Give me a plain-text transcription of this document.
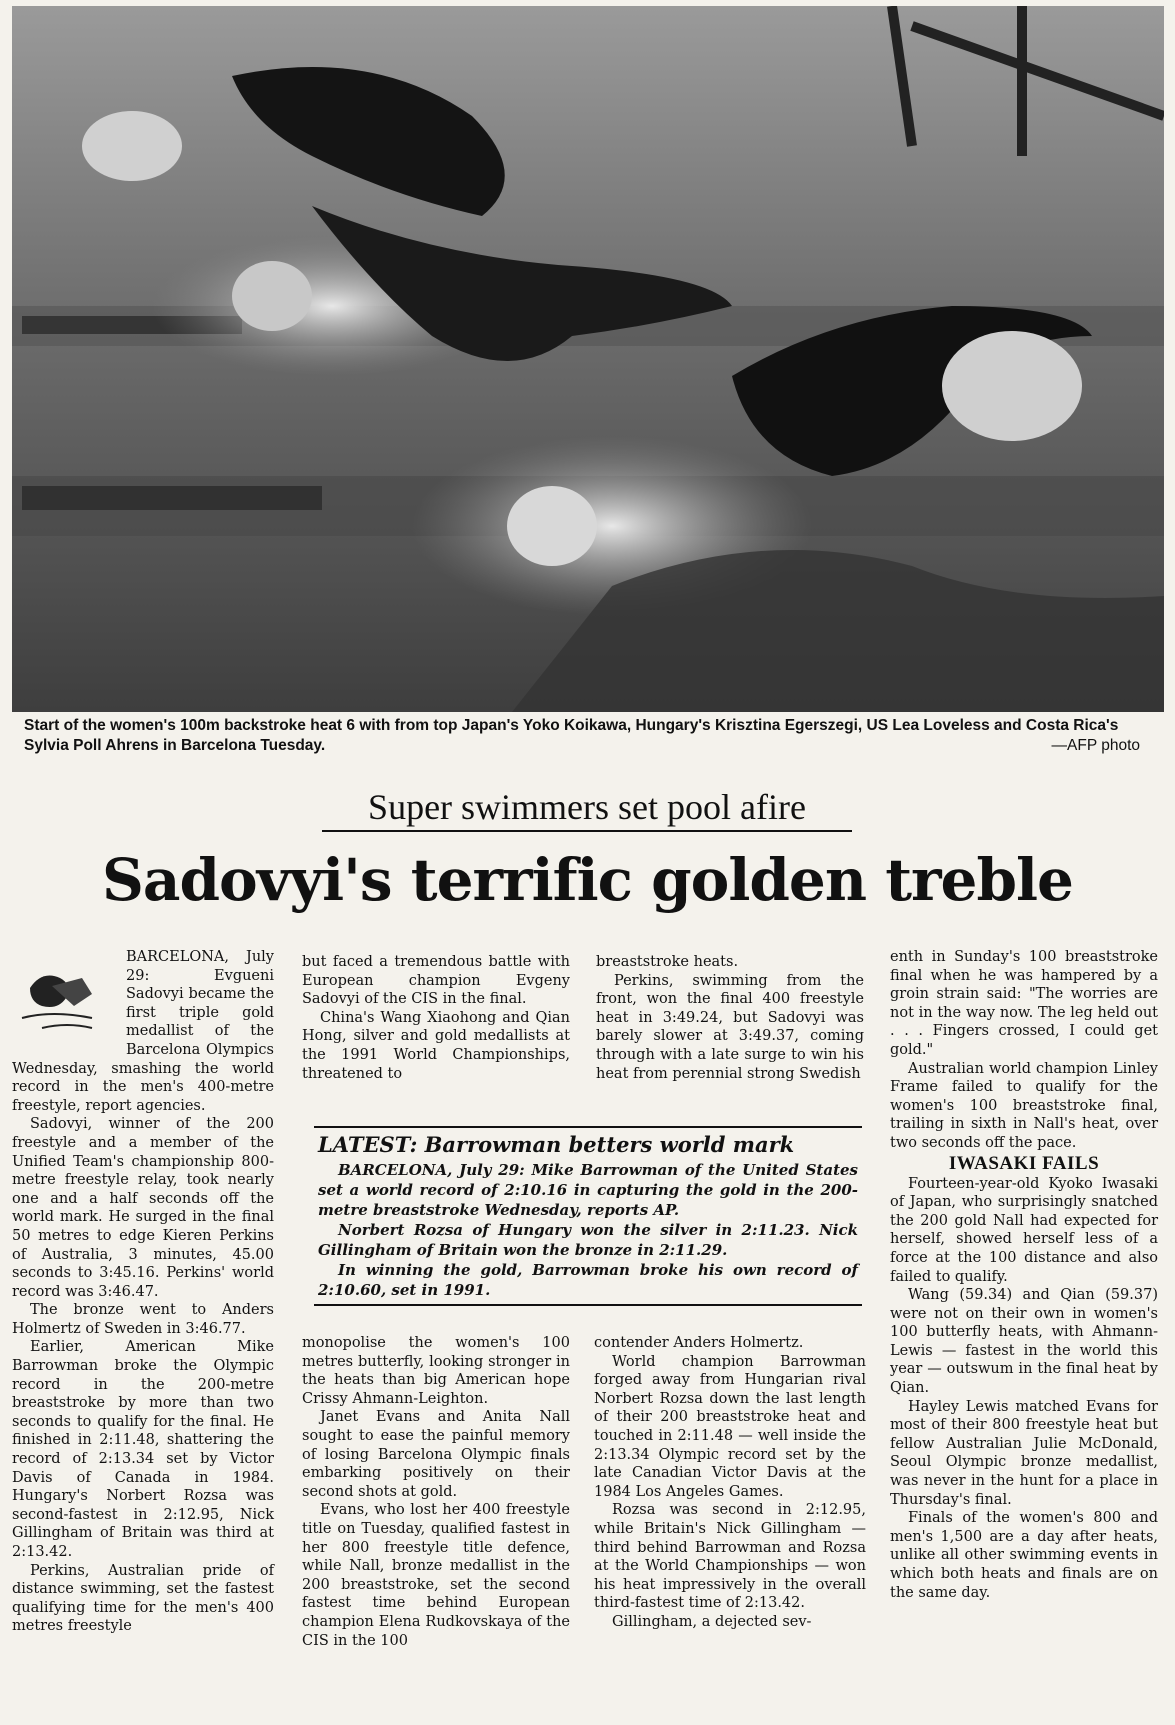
Start of the women's 100m backstroke heat 6 with from top Japan's Yoko Koikawa, Hungary's Krisztina Egerszegi, US Lea Loveless and Costa Rica's Sylvia Poll Ahrens in Barcelona Tuesday.	—AFP photo
Super swimmers set pool afire
Sadovyi's terrific golden treble

BARCELONA, July 29: Evgueni Sadovyi became the first triple gold medallist of the Barcelona Olympics Wednesday, smashing the world record in the men's 400-metre freestyle, report agencies.

Sadovyi, winner of the 200 freestyle and a member of the Unified Team's championship 800-metre freestyle relay, took nearly one and a half seconds off the world mark. He surged in the final 50 metres to edge Kieren Perkins of Australia, 3 minutes, 45.00 seconds to 3:45.16. Perkins' world record was 3:46.47.

The bronze went to Anders Holmertz of Sweden in 3:46.77.

Earlier, American Mike Barrowman broke the Olympic record in the 200-metre breaststroke by more than two seconds to qualify for the final. He finished in 2:11.48, shattering the record of 2:13.34 set by Victor Davis of Canada in 1984. Hungary's Norbert Rozsa was second-fastest in 2:12.95, Nick Gillingham of Britain was third at 2:13.42.

Perkins, Australian pride of distance swimming, set the fastest qualifying time for the men's 400 metres freestyle

but faced a tremendous battle with European champion Evgeny Sadovyi of the CIS in the final.

China's Wang Xiaohong and Qian Hong, silver and gold medallists at the 1991 World Championships, threatened to

breaststroke heats.

Perkins, swimming from the front, won the final 400 freestyle heat in 3:49.24, but Sadovyi was barely slower at 3:49.37, coming through with a late surge to win his heat from perennial strong Swedish

LATEST: Barrowman betters world mark

BARCELONA, July 29: Mike Barrowman of the United States set a world record of 2:10.16 in capturing the gold in the 200-metre breaststroke Wednesday, reports AP.

Norbert Rozsa of Hungary won the silver in 2:11.23. Nick Gillingham of Britain won the bronze in 2:11.29.

In winning the gold, Barrowman broke his own record of 2:10.60, set in 1991.

monopolise the women's 100 metres butterfly, looking stronger in the heats than big American hope Crissy Ahmann-Leighton.

Janet Evans and Anita Nall sought to ease the painful memory of losing Barcelona Olympic finals embarking positively on their second shots at gold.

Evans, who lost her 400 freestyle title on Tuesday, qualified fastest in her 800 freestyle title defence, while Nall, bronze medallist in the 200 breaststroke, set the second fastest time behind European champion Elena Rudkovskaya of the CIS in the 100

contender Anders Holmertz.

World champion Barrowman forged away from Hungarian rival Norbert Rozsa down the last length of their 200 breaststroke heat and touched in 2:11.48 — well inside the 2:13.34 Olympic record set by the late Canadian Victor Davis at the 1984 Los Angeles Games.

Rozsa was second in 2:12.95, while Britain's Nick Gillingham — third behind Barrowman and Rozsa at the World Championships — won his heat impressively in the overall third-fastest time of 2:13.42.

Gillingham, a dejected sev-

enth in Sunday's 100 breaststroke final when he was hampered by a groin strain said: "The worries are not in the way now. The leg held out . . . Fingers crossed, I could get gold."

Australian world champion Linley Frame failed to qualify for the women's 100 breaststroke final, trailing in sixth in Nall's heat, over two seconds off the pace.

IWASAKI FAILS

Fourteen-year-old Kyoko Iwasaki of Japan, who surprisingly snatched the 200 gold Nall had expected for herself, showed herself less of a force at the 100 distance and also failed to qualify.

Wang (59.34) and Qian (59.37) were not on their own in women's 100 butterfly heats, with Ahmann-Lewis — fastest in the world this year — outswum in the final heat by Qian.

Hayley Lewis matched Evans for most of their 800 freestyle heat but fellow Australian Julie McDonald, Seoul Olympic bronze medallist, was never in the hunt for a place in Thursday's final.

Finals of the women's 800 and men's 1,500 are a day after heats, unlike all other swimming events in which both heats and finals are on the same day.
